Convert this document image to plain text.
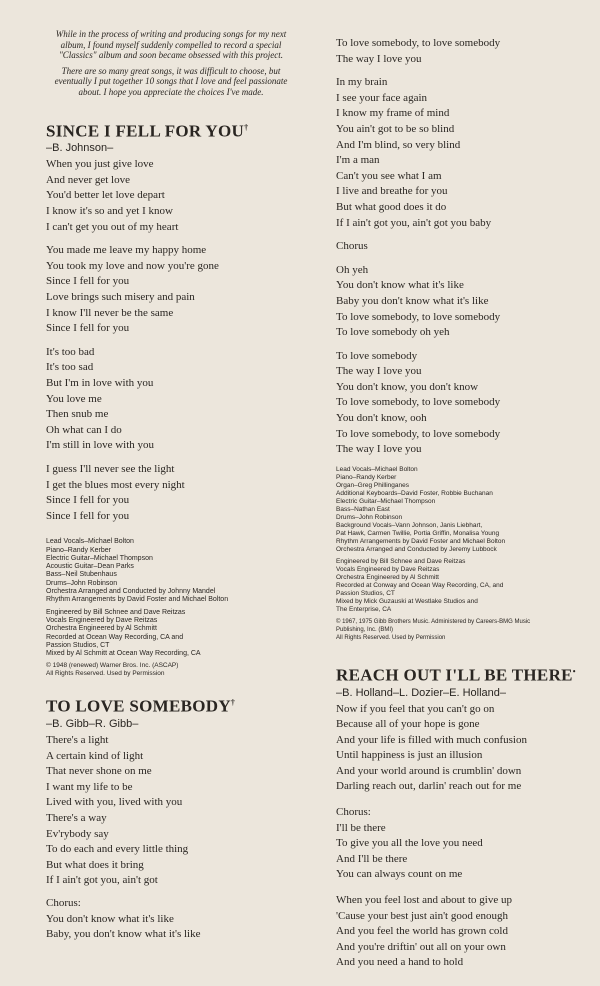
While in the process of writing and producing songs for my next album, I found myself suddenly compelled to record a special "Classics" album and soon became obsessed with this project.

There are so many great songs, it was difficult to choose, but eventually I put together 10 songs that I love and feel passionate about. I hope you appreciate the choices I've made.

SINCE I FELL FOR YOU†

–B. Johnson–

When you just give love
And never get love
You'd better let love depart
I know it's so and yet I know
I can't get you out of my heart
You made me leave my happy home
You took my love and now you're gone
Since I fell for you
Love brings such misery and pain
I know I'll never be the same
Since I fell for you
It's too bad
It's too sad
But I'm in love with you
You love me
Then snub me
Oh what can I do
I'm still in love with you
I guess I'll never see the light
I get the blues most every night
Since I fell for you
Since I fell for you
Lead Vocals–Michael Bolton
Piano–Randy Kerber
Electric Guitar–Michael Thompson
Acoustic Guitar–Dean Parks
Bass–Neil Stubenhaus
Drums–John Robinson
Orchestra Arranged and Conducted by Johnny Mandel
Rhythm Arrangements by David Foster and Michael Bolton
Engineered by Bill Schnee and Dave Reitzas
Vocals Engineered by Dave Reitzas
Orchestra Engineered by Al Schmitt
Recorded at Ocean Way Recording, CA and
Passion Studios, CT
Mixed by Al Schmitt at Ocean Way Recording, CA
© 1948 (renewed) Warner Bros. Inc. (ASCAP)
All Rights Reserved. Used by Permission
TO LOVE SOMEBODY†

–B. Gibb–R. Gibb–

There's a light
A certain kind of light
That never shone on me
I want my life to be
Lived with you, lived with you
There's a way
Ev'rybody say
To do each and every little thing
But what does it bring
If I ain't got you, ain't got
Chorus:
You don't know what it's like
Baby, you don't know what it's like
To love somebody, to love somebody
The way I love you
In my brain
I see your face again
I know my frame of mind
You ain't got to be so blind
And I'm blind, so very blind
I'm a man
Can't you see what I am
I live and breathe for you
But what good does it do
If I ain't got you, ain't got you baby
Chorus
Oh yeh
You don't know what it's like
Baby you don't know what it's like
To love somebody, to love somebody
To love somebody oh yeh
To love somebody
The way I love you
You don't know, you don't know
To love somebody, to love somebody
You don't know, ooh
To love somebody, to love somebody
The way I love you
Lead Vocals–Michael Bolton
Piano–Randy Kerber
Organ–Greg Phillinganes
Additional Keyboards–David Foster, Robbie Buchanan
Electric Guitar–Michael Thompson
Bass–Nathan East
Drums–John Robinson
Background Vocals–Vann Johnson, Janis Liebhart,
Pat Hawk, Carmen Twillie, Portia Griffin, Monalisa Young
Rhythm Arrangements by David Foster and Michael Bolton
Orchestra Arranged and Conducted by Jeremy Lubbock
Engineered by Bill Schnee and Dave Reitzas
Vocals Engineered by Dave Reitzas
Orchestra Engineered by Al Schmitt
Recorded at Conway and Ocean Way Recording, CA, and
Passion Studios, CT
Mixed by Mick Guzauski at Westlake Studios and
The Enterprise, CA
© 1967, 1975 Gibb Brothers Music. Administered by Careers-BMG Music
Publishing, Inc. (BMI)
All Rights Reserved. Used by Permission
REACH OUT I'LL BE THERE•

–B. Holland–L. Dozier–E. Holland–

Now if you feel that you can't go on
Because all of your hope is gone
And your life is filled with much confusion
Until happiness is just an illusion
And your world around is crumblin' down
Darling reach out, darlin' reach out for me
Chorus:
I'll be there
To give you all the love you need
And I'll be there
You can always count on me
When you feel lost and about to give up
'Cause your best just ain't good enough
And you feel the world has grown cold
And you're driftin' out all on your own
And you need a hand to hold
